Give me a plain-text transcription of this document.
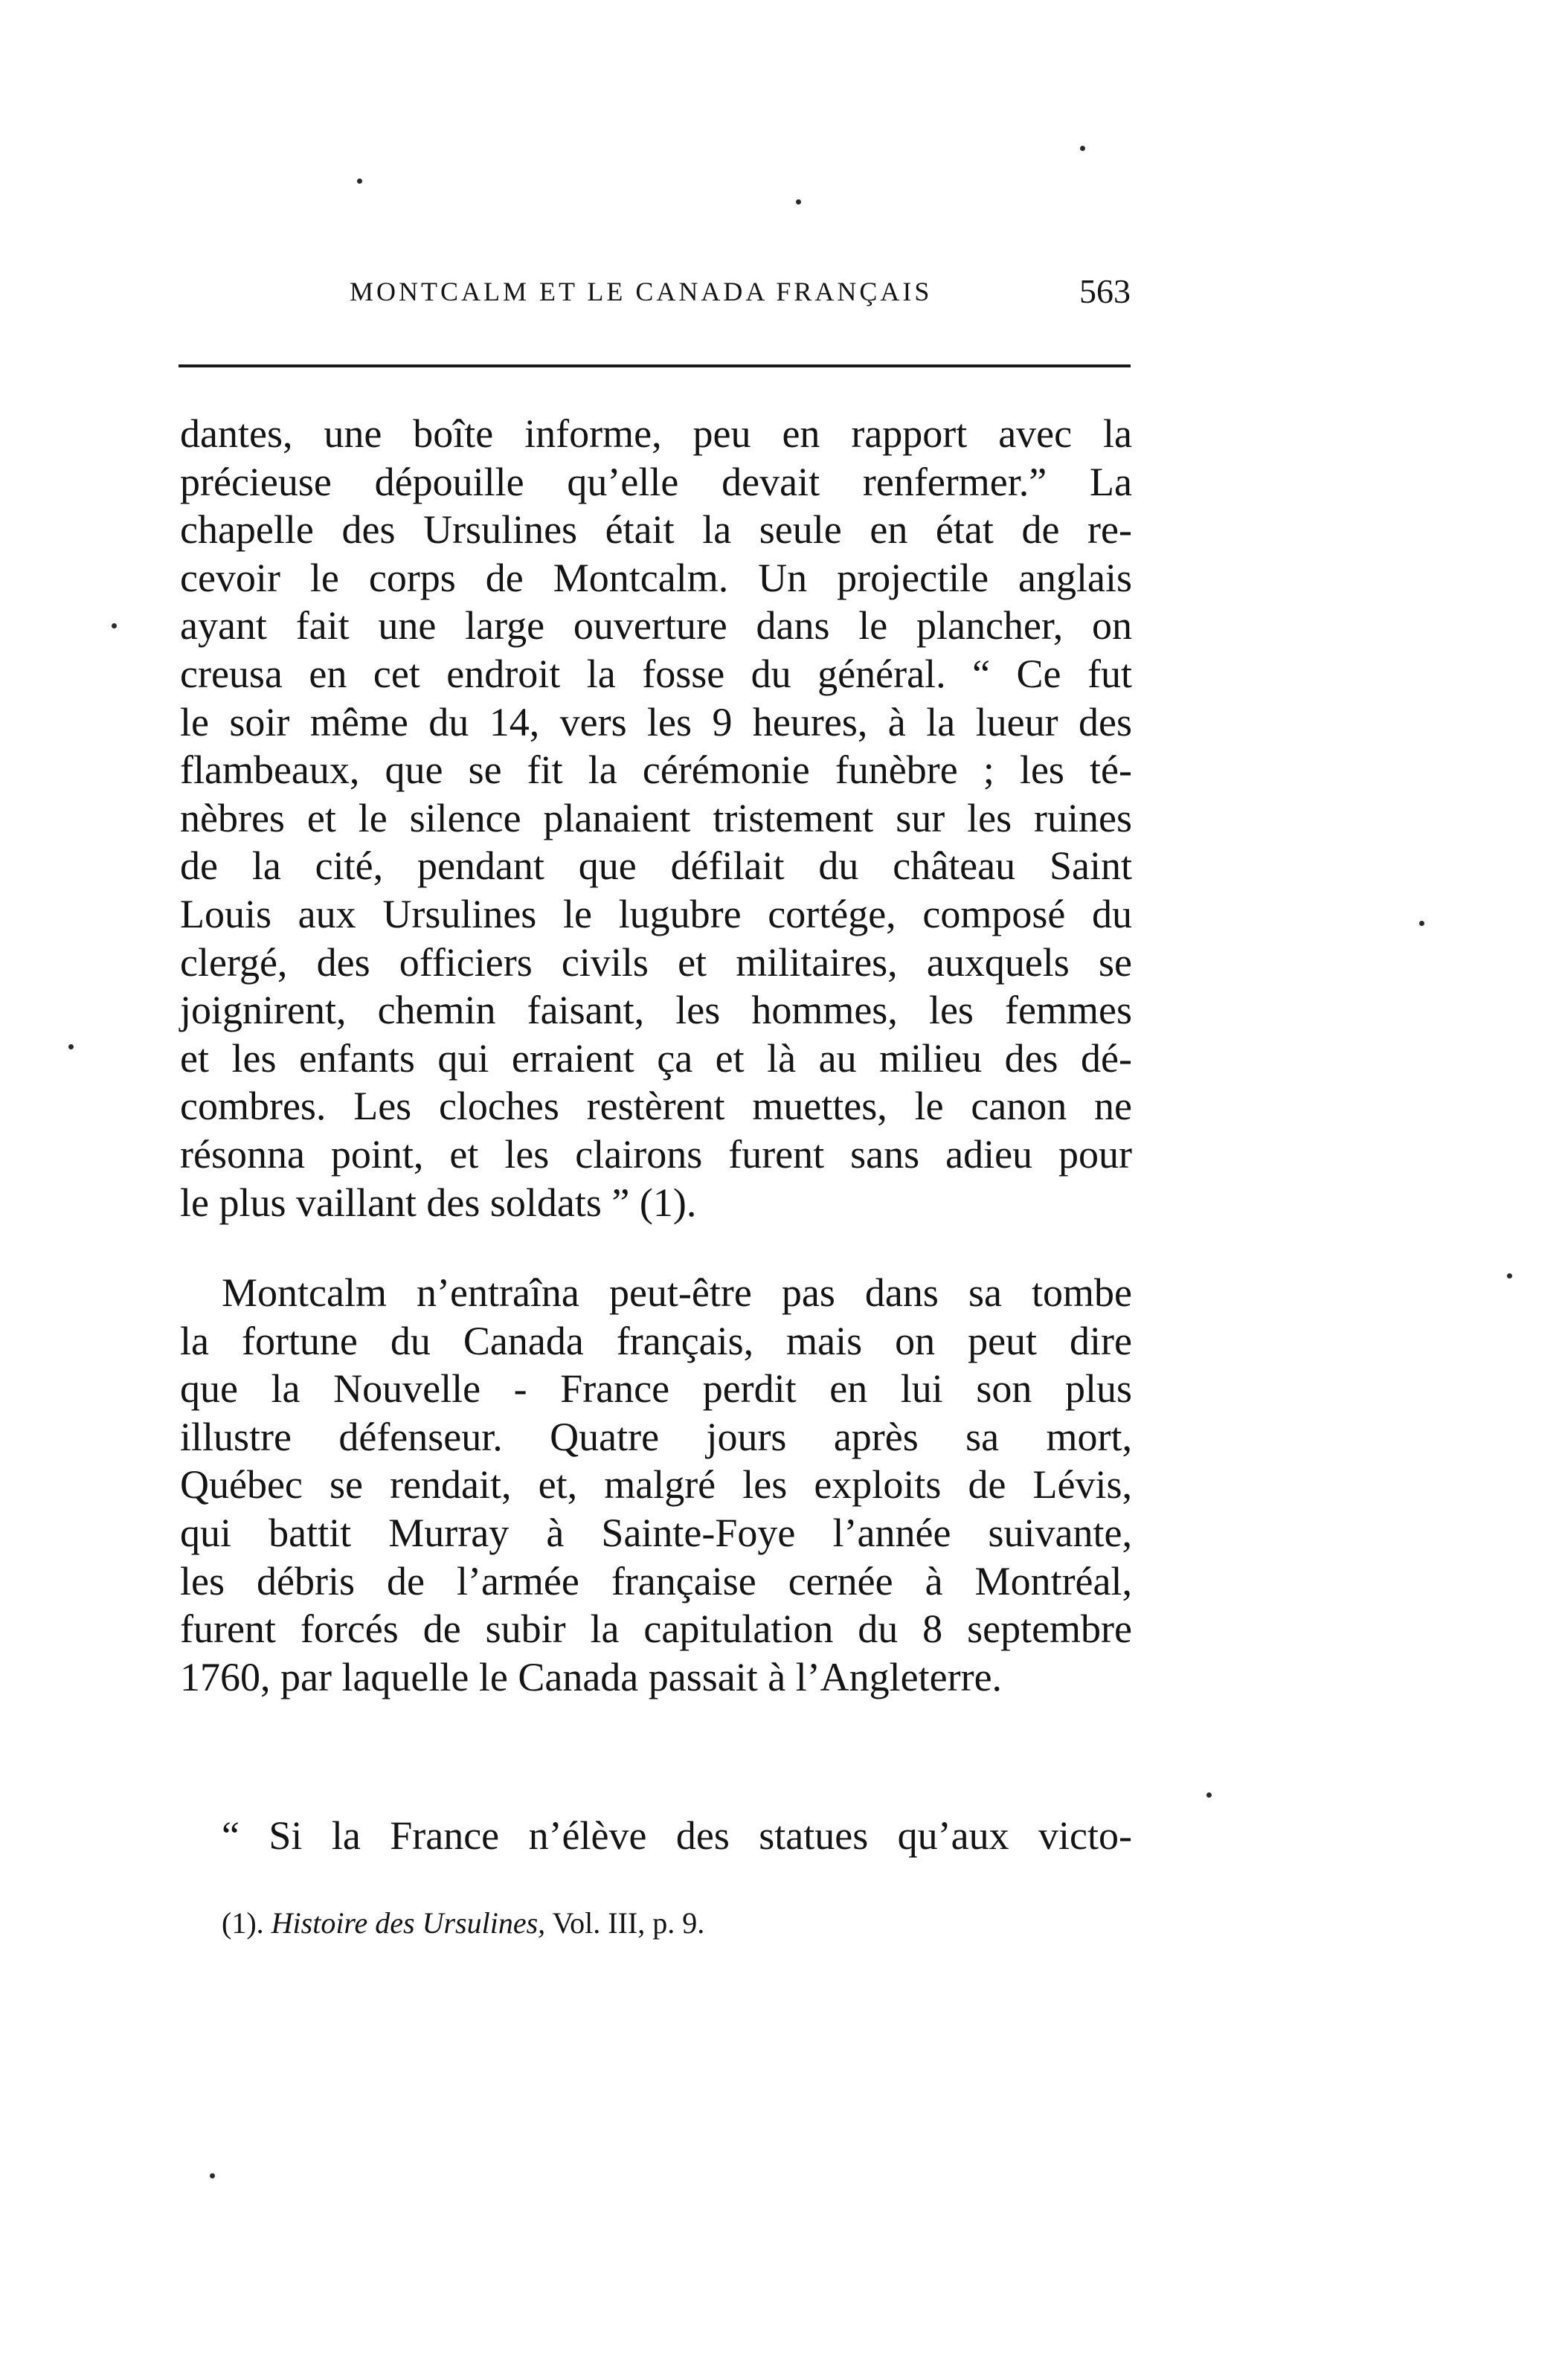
MONTCALM ET LE CANADA FRANÇAIS	563
dantes, une boîte informe, peu en rapport avec la
précieuse dépouille qu’elle devait renfermer.” La
chapelle des Ursulines était la seule en état de re-
cevoir le corps de Montcalm. Un projectile anglais
ayant fait une large ouverture dans le plancher, on
creusa en cet endroit la fosse du général. “ Ce fut
le soir même du 14, vers les 9 heures, à la lueur des
flambeaux, que se fit la cérémonie funèbre ; les té-
nèbres et le silence planaient tristement sur les ruines
de la cité, pendant que défilait du château Saint
Louis aux Ursulines le lugubre cortége, composé du
clergé, des officiers civils et militaires, auxquels se
joignirent, chemin faisant, les hommes, les femmes
et les enfants qui erraient ça et là au milieu des dé-
combres. Les cloches restèrent muettes, le canon ne
résonna point, et les clairons furent sans adieu pour
le plus vaillant des soldats ” (1).
Montcalm n’entraîna peut-être pas dans sa tombe
la fortune du Canada français, mais on peut dire
que la Nouvelle - France perdit en lui son plus
illustre défenseur. Quatre jours après sa mort,
Québec se rendait, et, malgré les exploits de Lévis,
qui battit Murray à Sainte-Foye l’année suivante,
les débris de l’armée française cernée à Montréal,
furent forcés de subir la capitulation du 8 septembre
1760, par laquelle le Canada passait à l’Angleterre.
“ Si la France n’élève des statues qu’aux victo-
(1). Histoire des Ursulines, Vol. III, p. 9.
